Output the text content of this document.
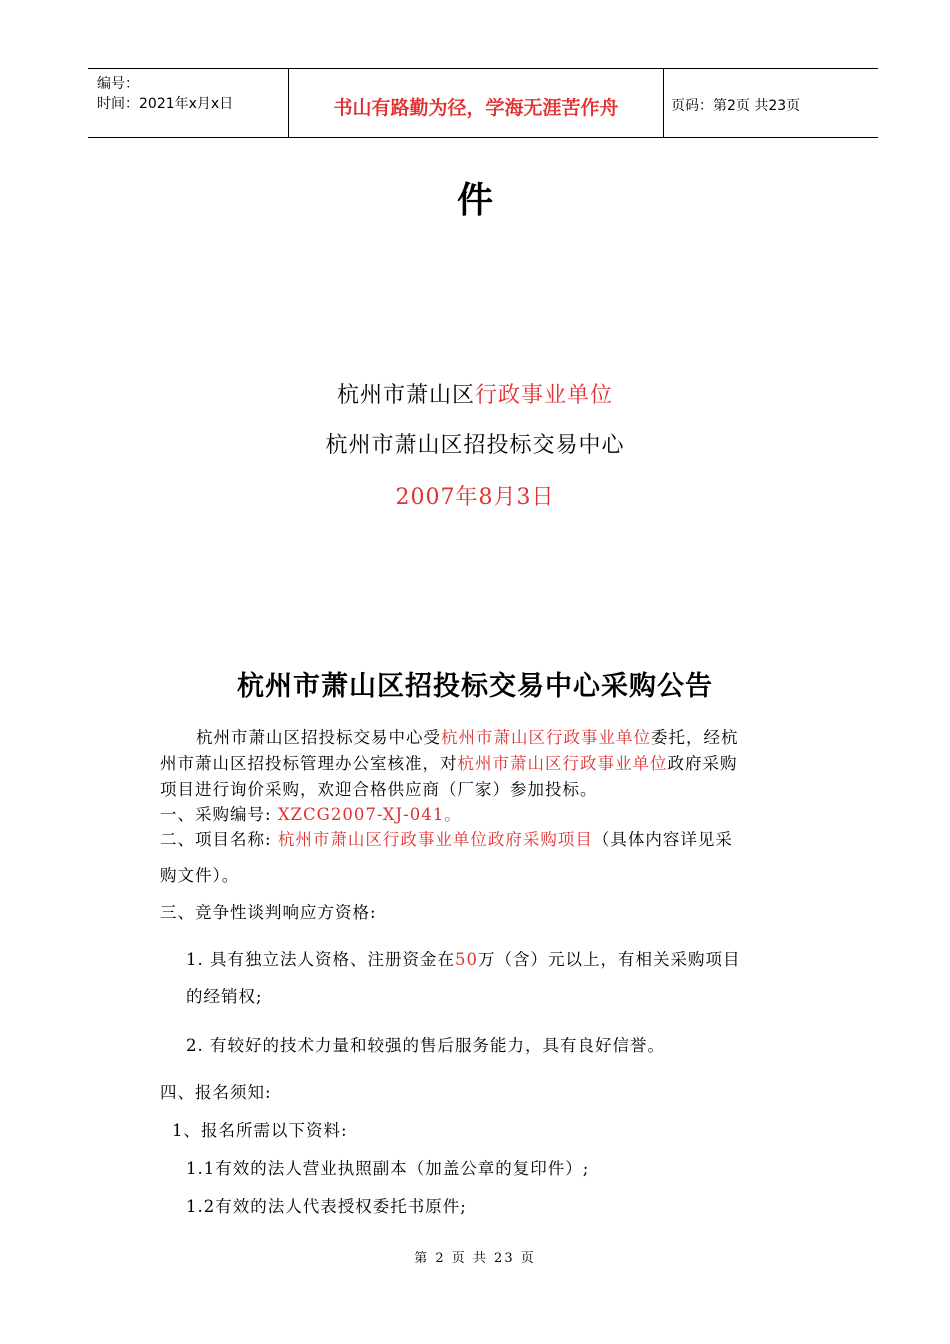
编号：
时间：2021年x月x日	书山有路勤为径，学海无涯苦作舟	页码：第2页 共23页
件
杭州市萧山区行政事业单位
杭州市萧山区招投标交易中心
2007年8月3日
杭州市萧山区招投标交易中心采购公告
杭州市萧山区招投标交易中心受杭州市萧山区行政事业单位委托，经杭
州市萧山区招投标管理办公室核准，对杭州市萧山区行政事业单位政府采购
项目进行询价采购，欢迎合格供应商（厂家）参加投标。
一、采购编号: XZCG2007-XJ-041。
二、项目名称: 杭州市萧山区行政事业单位政府采购项目（具体内容详见采
购文件）。
三、竞争性谈判响应方资格:
1. 具有独立法人资格、注册资金在50万（含）元以上，有相关采购项目
的经销权;
2. 有较好的技术力量和较强的售后服务能力，具有良好信誉。
四、报名须知:
1、报名所需以下资料:
1.1有效的法人营业执照副本（加盖公章的复印件）;
1.2有效的法人代表授权委托书原件;
第 2 页 共 23 页
